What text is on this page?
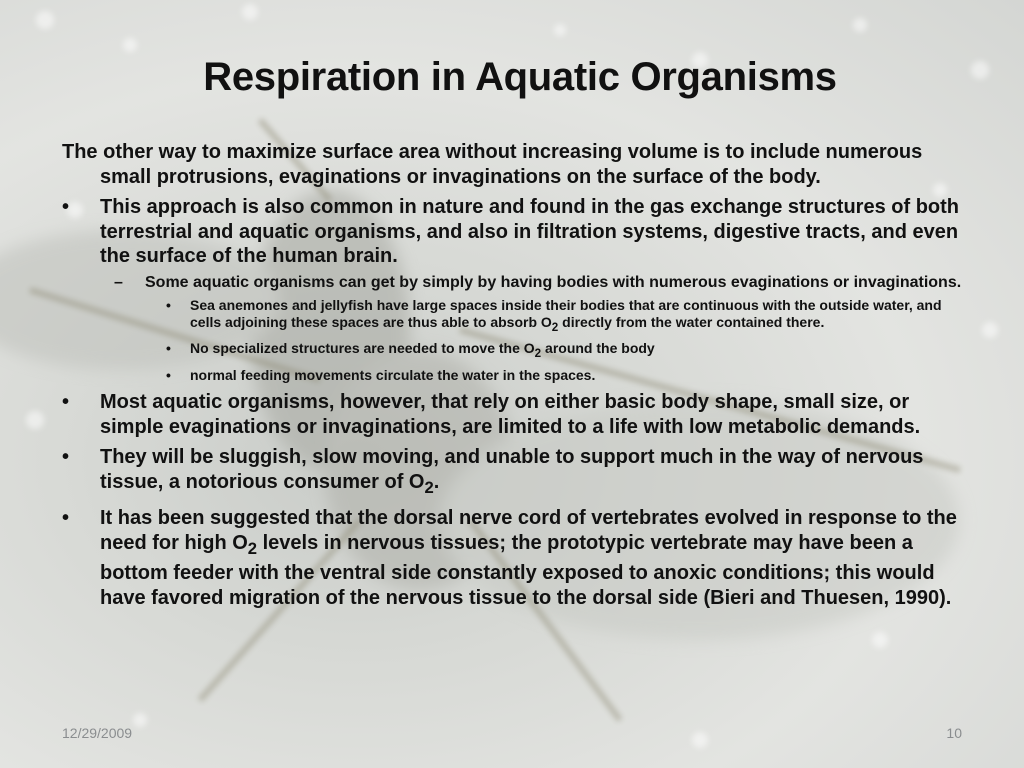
Respiration in Aquatic Organisms

The other way to maximize surface area without increasing volume is to include numerous small protrusions, evaginations or invaginations on the surface of the body.

• This approach is also common in nature and found in the gas exchange structures of both terrestrial and aquatic organisms, and also in filtration systems, digestive tracts, and even the surface of the human brain.

– Some aquatic organisms can get by simply by having bodies with numerous evaginations or invaginations.

• Sea anemones and jellyfish have large spaces inside their bodies that are continuous with the outside water, and cells adjoining these spaces are thus able to absorb $O_2$ directly from the water contained there.

• No specialized structures are needed to move the $O_2$ around the body

• normal feeding movements circulate the water in the spaces.

• Most aquatic organisms, however, that rely on either basic body shape, small size, or simple evaginations or invaginations, are limited to a life with low metabolic demands.

• They will be sluggish, slow moving, and unable to support much in the way of nervous tissue, a notorious consumer of $O_2$.

• It has been suggested that the dorsal nerve cord of vertebrates evolved in response to the need for high $O_2$ levels in nervous tissues; the prototypic vertebrate may have been a bottom feeder with the ventral side constantly exposed to anoxic conditions; this would have favored migration of the nervous tissue to the dorsal side (Bieri and Thuesen, 1990).

12/29/2009	10
